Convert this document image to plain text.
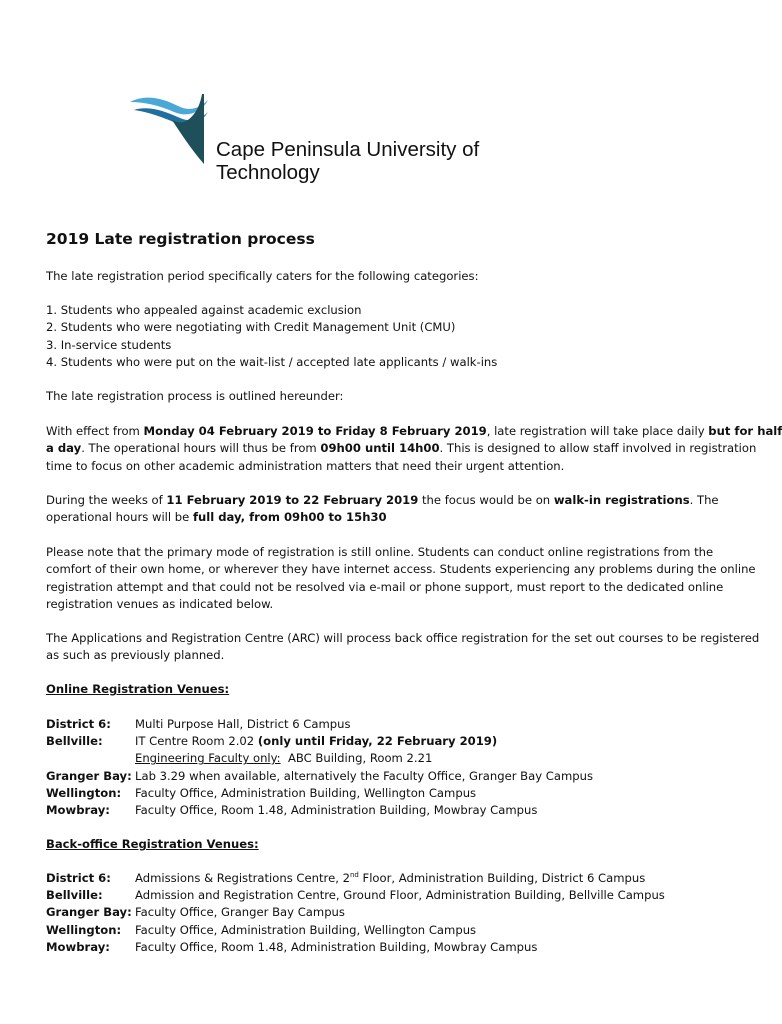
Cape Peninsula University of
Technology
2019 Late registration process

The late registration period specifically caters for the following categories:

1. Students who appealed against academic exclusion
2. Students who were negotiating with Credit Management Unit (CMU)
3. In-service students
4. Students who were put on the wait-list / accepted late applicants / walk-ins

The late registration process is outlined hereunder:

With effect from Monday 04 February 2019 to Friday 8 February 2019, late registration will take place daily but for half
a day. The operational hours will thus be from 09h00 until 14h00. This is designed to allow staff involved in registration
time to focus on other academic administration matters that need their urgent attention.
During the weeks of 11 February 2019 to 22 February 2019 the focus would be on walk-in registrations. The
operational hours will be full day, from 09h00 to 15h30
Please note that the primary mode of registration is still online. Students can conduct online registrations from the
comfort of their own home, or wherever they have internet access. Students experiencing any problems during the online
registration attempt and that could not be resolved via e-mail or phone support, must report to the dedicated online
registration venues as indicated below.
The Applications and Registration Centre (ARC) will process back office registration for the set out courses to be registered
as such as previously planned.
Online Registration Venues:
District 6:	Multi Purpose Hall, District 6 Campus
Bellville:	IT Centre Room 2.02 (only until Friday, 22 February 2019)
Engineering Faculty only:  ABC Building, Room 2.21
Granger Bay: Lab 3.29 when available, alternatively the Faculty Office, Granger Bay Campus
Wellington:	Faculty Office, Administration Building, Wellington Campus
Mowbray:	Faculty Office, Room 1.48, Administration Building, Mowbray Campus
Back-office Registration Venues:
District 6:	Admissions & Registrations Centre, 2nd Floor, Administration Building, District 6 Campus
Bellville:	Admission and Registration Centre, Ground Floor, Administration Building, Bellville Campus
Granger Bay: Faculty Office, Granger Bay Campus
Wellington:	Faculty Office, Administration Building, Wellington Campus
Mowbray:	Faculty Office, Room 1.48, Administration Building, Mowbray Campus
